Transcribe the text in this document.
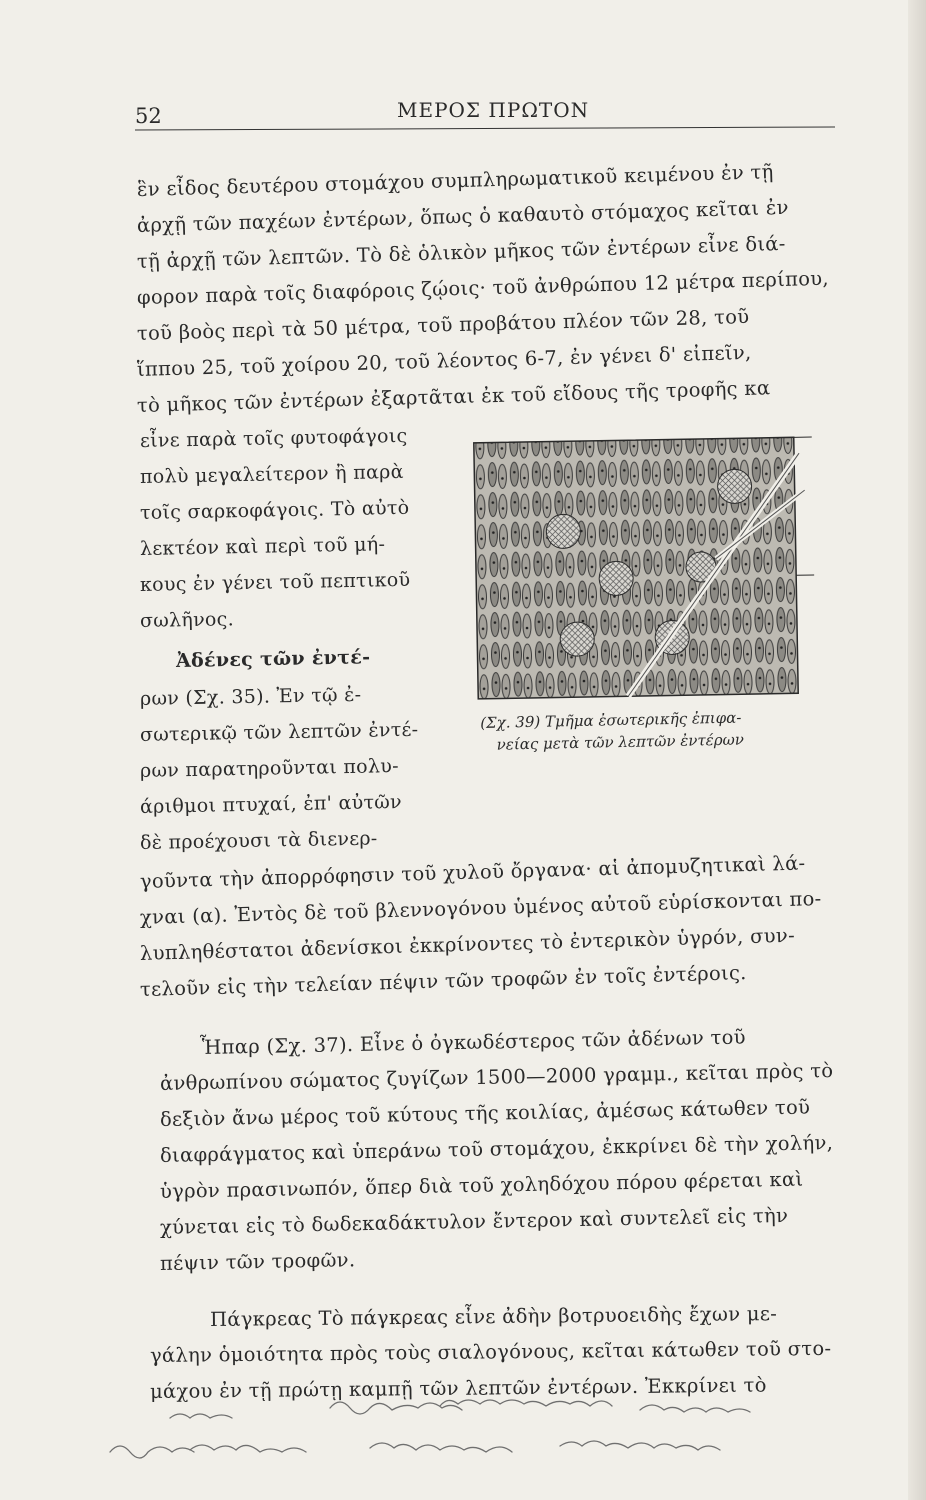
52	ΜΕΡΟΣ ΠΡΩΤΟΝ
ἓν εἶδος δευτέρου στομάχου συμπληρωματικοῦ κειμένου ἐν τῇ
ἀρχῇ τῶν παχέων ἐντέρων, ὅπως ὁ καθαυτὸ στόμαχος κεῖται ἐν
τῇ ἀρχῇ τῶν λεπτῶν. Τὸ δὲ ὁλικὸν μῆκος τῶν ἐντέρων εἶνε διά-
φορον παρὰ τοῖς διαφόροις ζῴοις· τοῦ ἀνθρώπου 12 μέτρα περίπου,
τοῦ βοὸς περὶ τὰ 50 μέτρα, τοῦ προβάτου πλέον τῶν 28, τοῦ
ἵππου 25, τοῦ χοίρου 20, τοῦ λέοντος 6-7, ἐν γένει δ' εἰπεῖν,
τὸ μῆκος τῶν ἐντέρων ἐξαρτᾶται ἐκ τοῦ εἴδους τῆς τροφῆς κα
εἶνε παρὰ τοῖς φυτοφάγοις
πολὺ μεγαλείτερον ἢ παρὰ
τοῖς σαρκοφάγοις. Τὸ αὐτὸ
λεκτέον καὶ περὶ τοῦ μή-
κους ἐν γένει τοῦ πεπτικοῦ
σωλῆνος.
Ἀδένες τῶν ἐντέ-
ρων (Σχ. 35). Ἐν τῷ ἐ-
σωτερικῷ τῶν λεπτῶν ἐντέ-
ρων παρατηροῦνται πολυ-
άριθμοι πτυχαί, ἐπ' αὐτῶν
δὲ προέχουσι τὰ διενερ-
(Σχ. 39) Τμῆμα ἐσωτερικῆς ἐπιφα-
νείας μετὰ τῶν λεπτῶν ἐντέρων
γοῦντα τὴν ἀπορρόφησιν τοῦ χυλοῦ ὄργανα· αἱ ἀπομυζητικαὶ λά-
χναι (α). Ἐντὸς δὲ τοῦ βλεννογόνου ὑμένος αὐτοῦ εὑρίσκονται πο-
λυπληθέστατοι ἀδενίσκοι ἐκκρίνοντες τὸ ἐντερικὸν ὑγρόν, συν-
τελοῦν εἰς τὴν τελείαν πέψιν τῶν τροφῶν ἐν τοῖς ἐντέροις.
Ἧπαρ (Σχ. 37). Εἶνε ὁ ὀγκωδέστερος τῶν ἀδένων τοῦ
ἀνθρωπίνου σώματος ζυγίζων 1500—2000 γραμμ., κεῖται πρὸς τὸ
δεξιὸν ἄνω μέρος τοῦ κύτους τῆς κοιλίας, ἀμέσως κάτωθεν τοῦ
διαφράγματος καὶ ὑπεράνω τοῦ στομάχου, ἐκκρίνει δὲ τὴν χολήν,
ὑγρὸν πρασινωπόν, ὅπερ διὰ τοῦ χοληδόχου πόρου φέρεται καὶ
χύνεται εἰς τὸ δωδεκαδάκτυλον ἔντερον καὶ συντελεῖ εἰς τὴν
πέψιν τῶν τροφῶν.
Πάγκρεας Τὸ πάγκρεας εἶνε ἀδὴν βοτρυοειδὴς ἔχων με-
γάλην ὁμοιότητα πρὸς τοὺς σιαλογόνους, κεῖται κάτωθεν τοῦ στο-
μάχου ἐν τῇ πρώτῃ καμπῇ τῶν λεπτῶν ἐντέρων. Ἐκκρίνει τὸ
